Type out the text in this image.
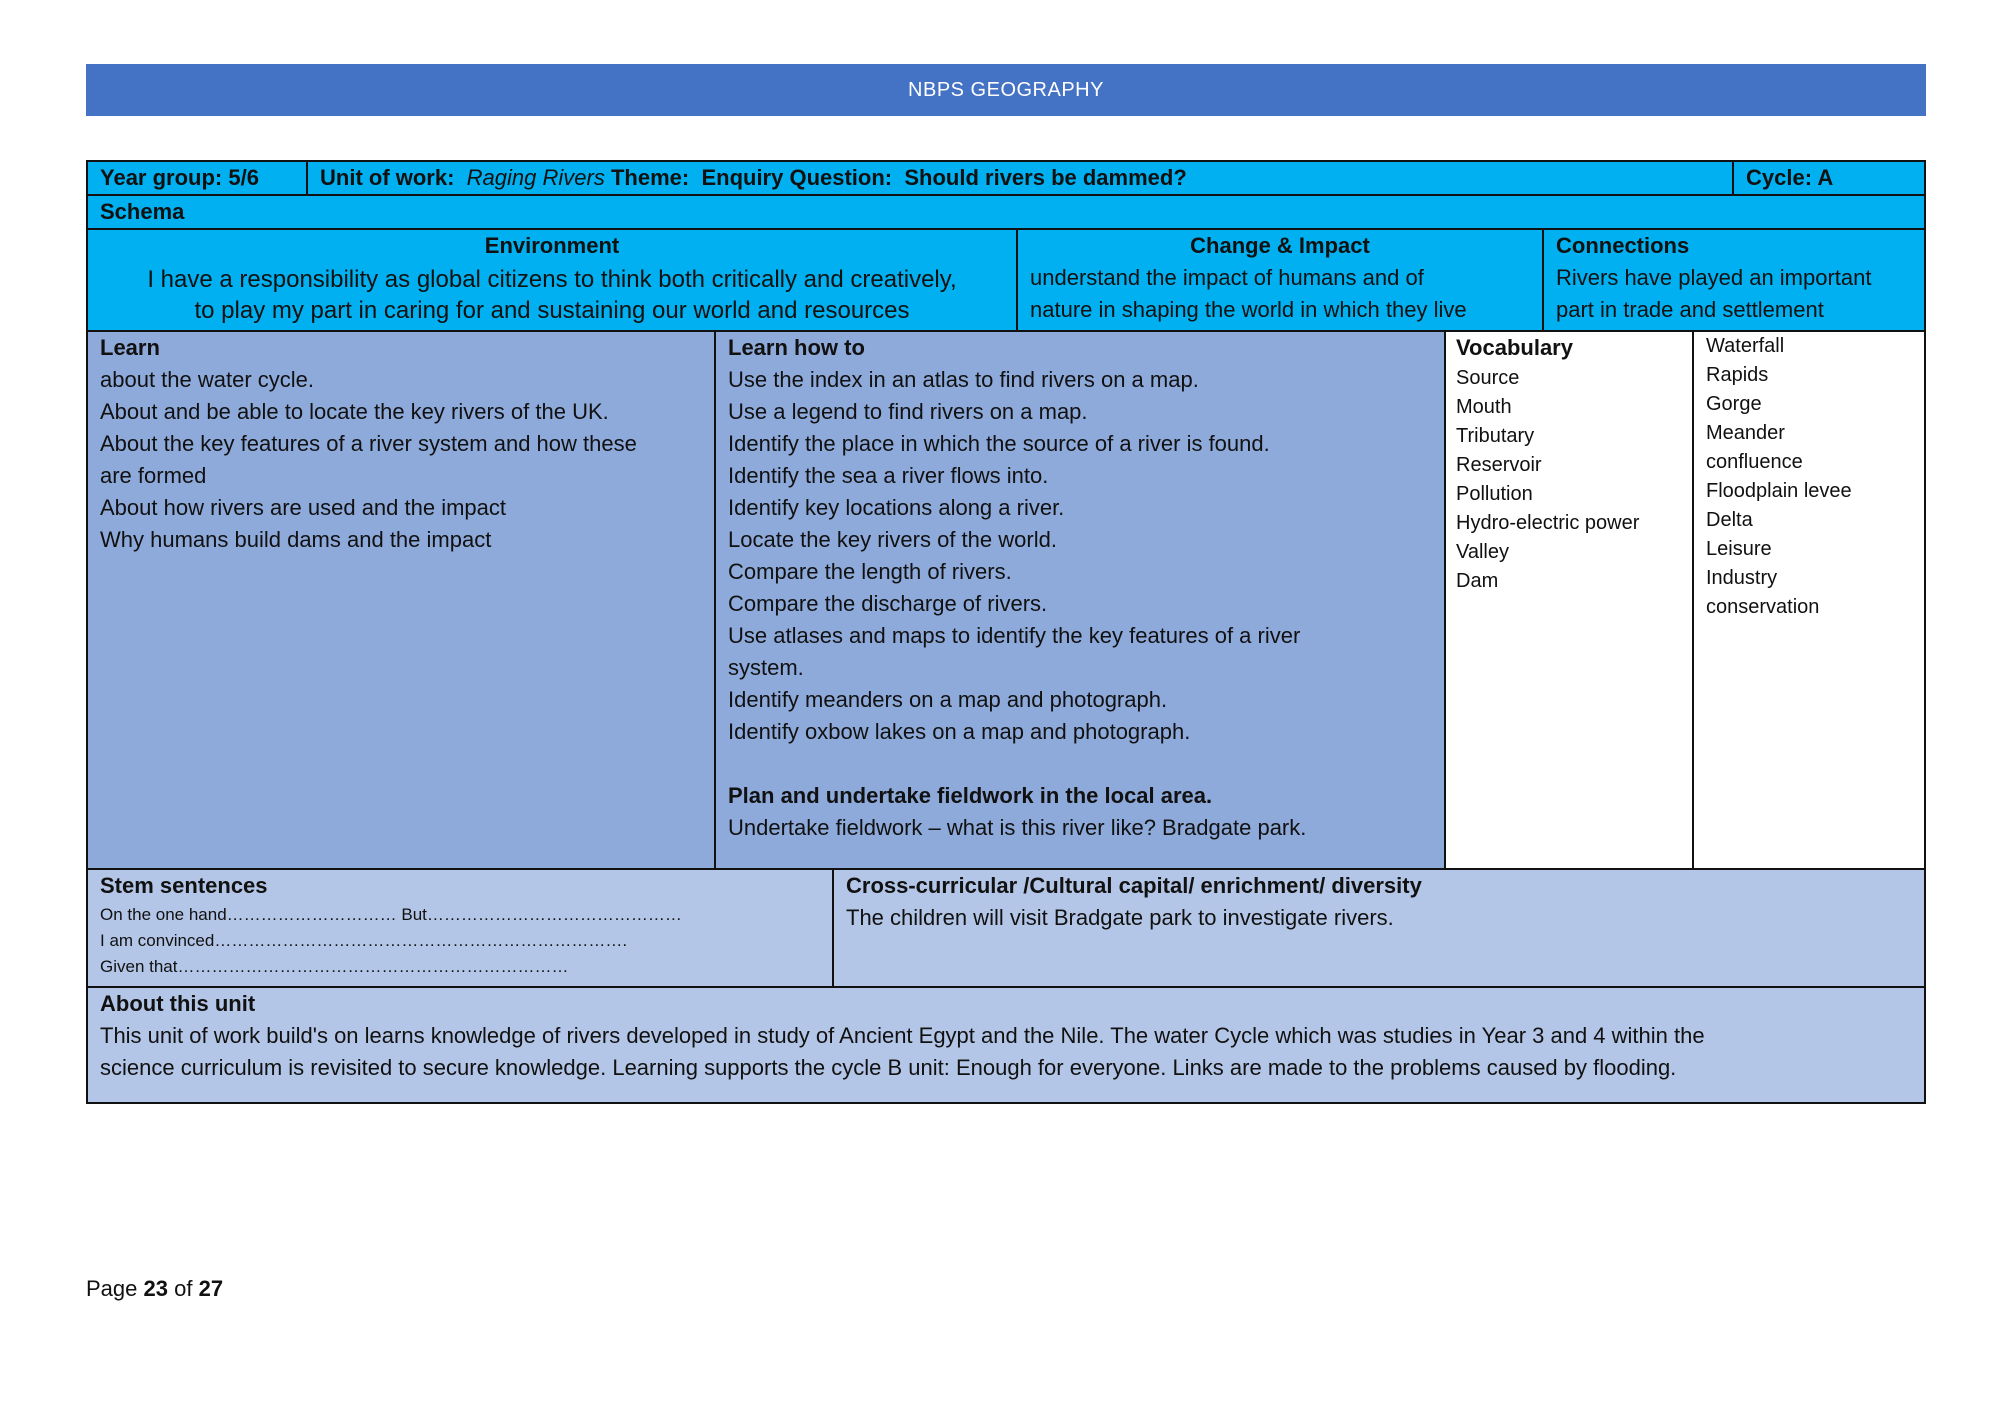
NBPS GEOGRAPHY
Year group: 5/6	Unit of work: Raging Rivers Theme: Enquiry Question: Should rivers be dammed?	Cycle: A
Schema
Environment
I have a responsibility as global citizens to think both critically and creatively,
to play my part in caring for and sustaining our world and resources
Change & Impact
understand the impact of humans and of
nature in shaping the world in which they live
Connections
Rivers have played an important
part in trade and settlement
Learn
about the water cycle.
About and be able to locate the key rivers of the UK.
About the key features of a river system and how these
are formed
About how rivers are used and the impact
Why humans build dams and the impact
Learn how to
Use the index in an atlas to find rivers on a map.
Use a legend to find rivers on a map.
Identify the place in which the source of a river is found.
Identify the sea a river flows into.
Identify key locations along a river.
Locate the key rivers of the world.
Compare the length of rivers.
Compare the discharge of rivers.
Use atlases and maps to identify the key features of a river
system.
Identify meanders on a map and photograph.
Identify oxbow lakes on a map and photograph.
Plan and undertake fieldwork in the local area.
Undertake fieldwork – what is this river like? Bradgate park.
Vocabulary
Source
Mouth
Tributary
Reservoir
Pollution
Hydro-electric power
Valley
Dam
Waterfall
Rapids
Gorge
Meander
confluence
Floodplain levee
Delta
Leisure
Industry
conservation
Stem sentences
On the one hand………………………… But………………………………………
I am convinced……………………………………………………………….
Given that……………………………………………………………
Cross-curricular /Cultural capital/ enrichment/ diversity
The children will visit Bradgate park to investigate rivers.
About this unit
This unit of work build's on learns knowledge of rivers developed in study of Ancient Egypt and the Nile. The water Cycle which was studies in Year 3 and 4 within the
science curriculum is revisited to secure knowledge. Learning supports the cycle B unit: Enough for everyone. Links are made to the problems caused by flooding.
Page 23 of 27
